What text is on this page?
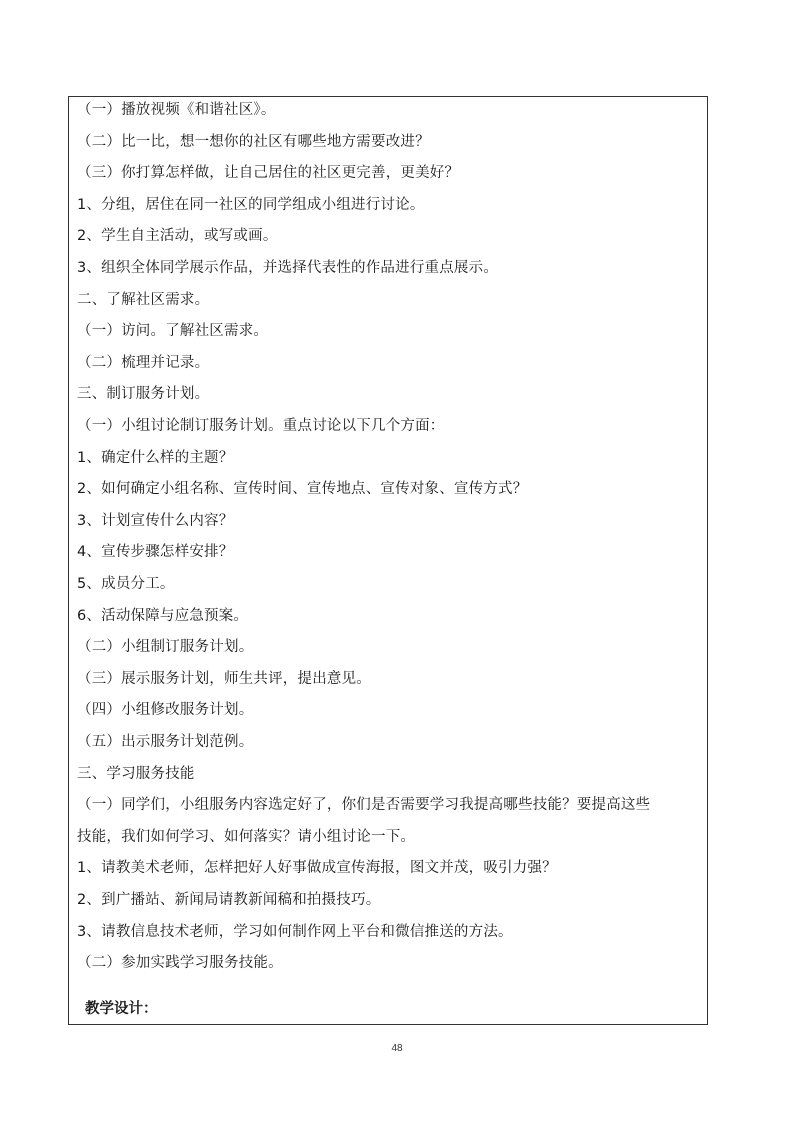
（一）播放视频《和谐社区》。
（二）比一比，想一想你的社区有哪些地方需要改进？
（三）你打算怎样做，让自己居住的社区更完善，更美好？
1、分组，居住在同一社区的同学组成小组进行讨论。
2、学生自主活动，或写或画。
3、组织全体同学展示作品，并选择代表性的作品进行重点展示。
二、了解社区需求。
（一）访问。了解社区需求。
（二）梳理并记录。
三、制订服务计划。
（一）小组讨论制订服务计划。重点讨论以下几个方面：
1、确定什么样的主题？
2、如何确定小组名称、宣传时间、宣传地点、宣传对象、宣传方式？
3、计划宣传什么内容？
4、宣传步骤怎样安排？
5、成员分工。
6、活动保障与应急预案。
（二）小组制订服务计划。
（三）展示服务计划，师生共评，提出意见。
（四）小组修改服务计划。
（五）出示服务计划范例。
三、学习服务技能
（一）同学们，小组服务内容选定好了，你们是否需要学习我提高哪些技能？要提高这些
技能，我们如何学习、如何落实？请小组讨论一下。
1、请教美术老师，怎样把好人好事做成宣传海报，图文并茂，吸引力强？
2、到广播站、新闻局请教新闻稿和拍摄技巧。
3、请教信息技术老师，学习如何制作网上平台和微信推送的方法。
（二）参加实践学习服务技能。
教学设计：
48
